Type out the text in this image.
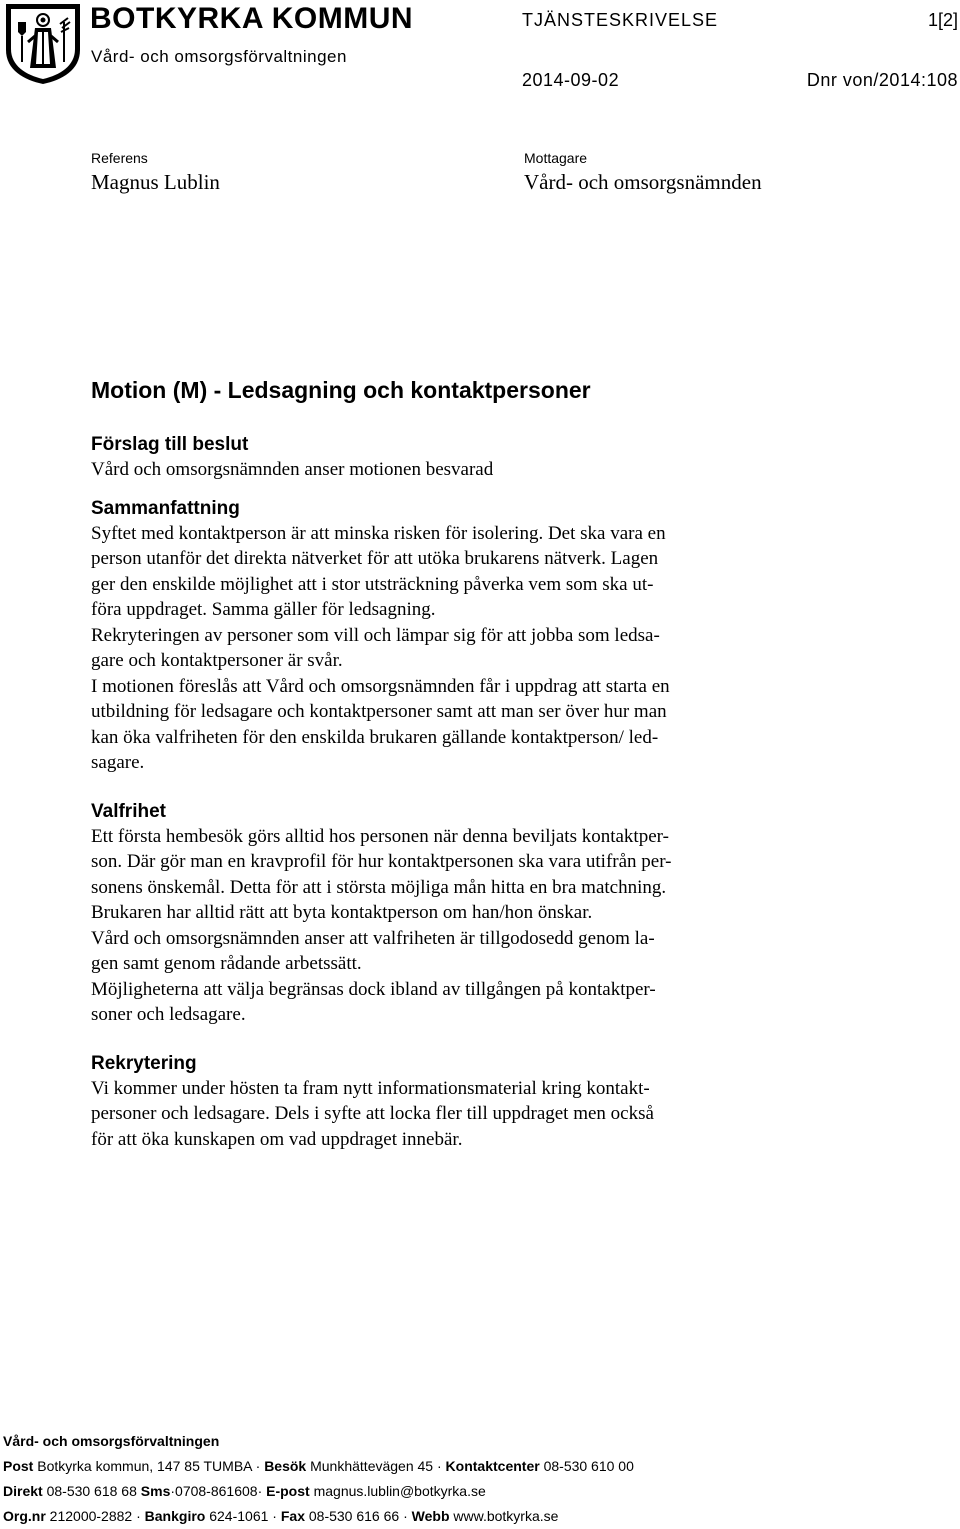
BOTKYRKA KOMMUN
Vård- och omsorgsförvaltningen
TJÄNSTESKRIVELSE	1[2]
2014-09-02	Dnr von/2014:108
Referens
Magnus Lublin
Mottagare
Vård- och omsorgsnämnden
Motion (M) - Ledsagning och kontaktpersoner
Förslag till beslut
Vård och omsorgsnämnden anser motionen besvarad
Sammanfattning
Syftet med kontaktperson är att minska risken för isolering. Det ska vara en
person utanför det direkta nätverket för att utöka brukarens nätverk. Lagen
ger den enskilde möjlighet att i stor utsträckning påverka vem som ska ut-
föra uppdraget. Samma gäller för ledsagning.
Rekryteringen av personer som vill och lämpar sig för att jobba som ledsa-
gare och kontaktpersoner är svår.
I motionen föreslås att Vård och omsorgsnämnden får i uppdrag att starta en
utbildning för ledsagare och kontaktpersoner samt att man ser över hur man
kan öka valfriheten för den enskilda brukaren gällande kontaktperson/ led-
sagare.
Valfrihet
Ett första hembesök görs alltid hos personen när denna beviljats kontaktper-
son. Där gör man en kravprofil för hur kontaktpersonen ska vara utifrån per-
sonens önskemål. Detta för att i största möjliga mån hitta en bra matchning.
Brukaren har alltid rätt att byta kontaktperson om han/hon önskar.
Vård och omsorgsnämnden anser att valfriheten är tillgodosedd genom la-
gen samt genom rådande arbetssätt.
Möjligheterna att välja begränsas dock ibland av tillgången på kontaktper-
soner och ledsagare.
Rekrytering
Vi kommer under hösten ta fram nytt informationsmaterial kring kontakt-
personer och ledsagare. Dels i syfte att locka fler till uppdraget men också
för att öka kunskapen om vad uppdraget innebär.
Vård- och omsorgsförvaltningen
Post Botkyrka kommun, 147 85 TUMBA · Besök Munkhättevägen 45 · Kontaktcenter 08-530 610 00
Direkt 08-530 618 68 Sms·0708-861608· E-post magnus.lublin@botkyrka.se
Org.nr 212000-2882 · Bankgiro 624-1061 · Fax 08-530 616 66 · Webb www.botkyrka.se
